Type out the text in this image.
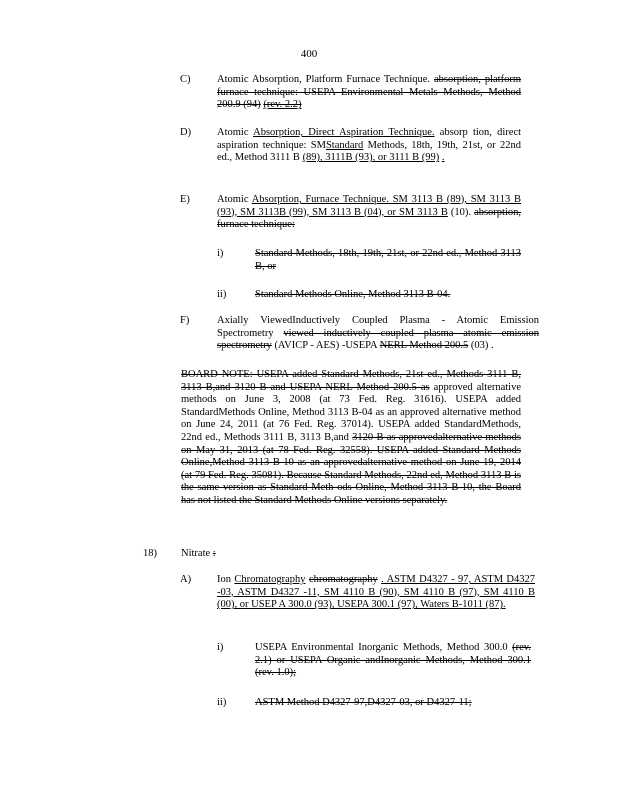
400
C)	Atomic Absorption, Platform Furnace Technique. absorption, platform furnace technique: USEPA Environmental Metals Methods, Method 200.9 (94) (rev. 2.2)
D)	Atomic Absorption, Direct Aspiration Technique. absorp tion, direct aspiration technique: SMStandard Methods, 18th, 19th, 21st, or 22nd ed., Method 3111 B (89), 3111B (93), or 3111 B (99) .
E)	Atomic Absorption, Furnace Technique. SM 3113 B (89), SM 3113 B (93), SM 3113B (99), SM 3113 B (04), or SM 3113 B (10). absorption, furnace technique:
i)	Standard Methods, 18th, 19th, 21st, or 22nd ed., Method 3113 B, or
ii)	Standard Methods Online, Method 3113 B-04.
F)	Axially ViewedInductively Coupled Plasma - Atomic Emission Spectrometry viewed inductively coupled plasma atomic emission spectrometry (AVICP - AES) -USEPA NERL Method 200.5 (03) .
BOARD NOTE: USEPA added Standard Methods, 21st ed., Methods 3111 B, 3113 B,and 3120 B and USEPA NERL Method 200.5 as approved alternative methods on June 3, 2008 (at 73 Fed. Reg. 31616). USEPA added StandardMethods Online, Method 3113 B-04 as an approved alternative method on June 24, 2011 (at 76 Fed. Reg. 37014). USEPA added StandardMethods, 22nd ed., Methods 3111 B, 3113 B,and 3120 B as approvedalternative methods on May 31, 2013 (at 78 Fed. Reg. 32558). USEPA added Standard Methods Online,Method 3113 B-10 as an approvedalternative method on June 19, 2014 (at 79 Fed. Reg. 35081). Because Standard Methods, 22nd ed, Method 3113 B is the same version as Standard Meth ods Online, Method 3113 B-10, the Board has not listed the Standard Methods Online versions separately.
18)	Nitrate :
A)	Ion Chromatography chromatography . ASTM D4327 - 97, ASTM D4327 -03, ASTM D4327 -11, SM 4110 B (90), SM 4110 B (97), SM 4110 B (00), or USEP A 300.0 (93), USEPA 300.1 (97), Waters B-1011 (87).
i)	USEPA Environmental Inorganic Methods, Method 300.0 (rev. 2.1) or USEPA Organic andInorganic Methods, Method 300.1 (rev. 1.0);
ii)	ASTM Method D4327-97,D4327-03, or D4327-11;
